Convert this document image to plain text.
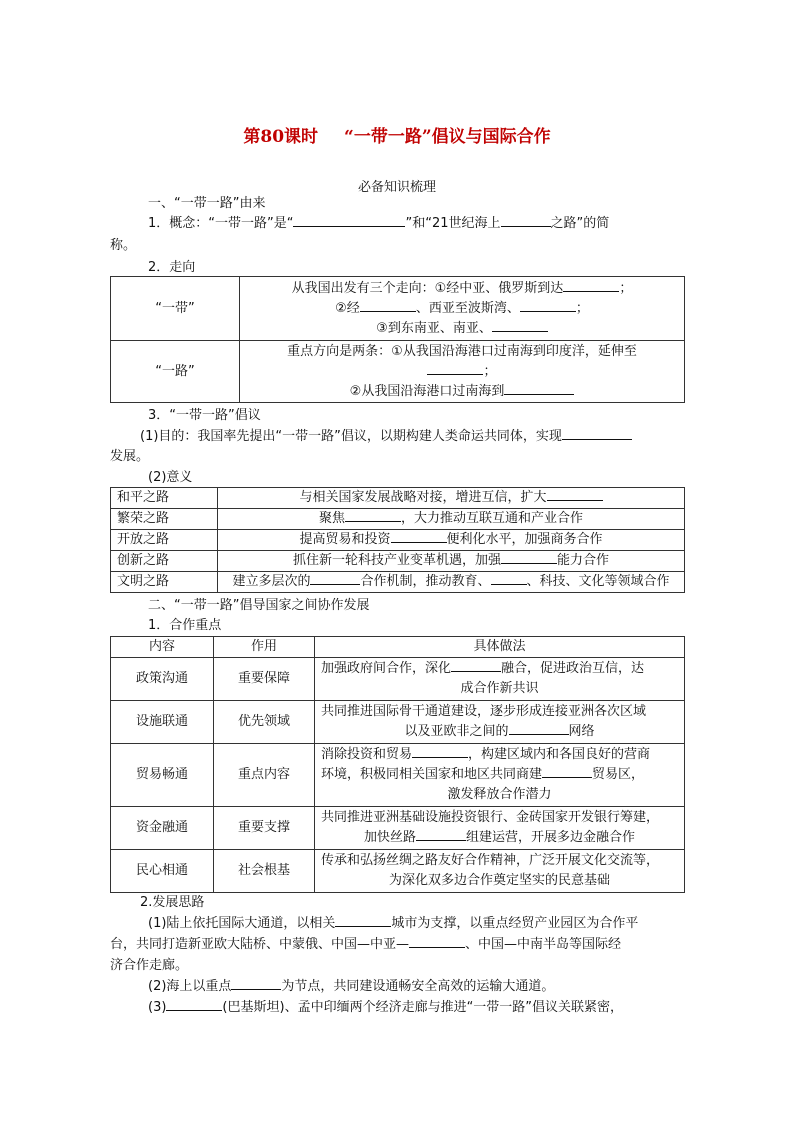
第80课时 “一带一路”倡议与国际合作
必备知识梳理
一、“一带一路”由来
1．概念：“一带一路”是“	”和“21世纪海上	之路”的简
称。
2．走向
“一带”	从我国出发有三个走向：①经中亚、俄罗斯到达 ；
②经 、西亚至波斯湾、 ；
③到东南亚、南亚、

“一路”	重点方向是两条：①从我国沿海港口过南海到印度洋，延伸至
；
②从我国沿海港口过南海到
3．“一带一路”倡议
(1)目的：我国率先提出“一带一路”倡议，以期构建人类命运共同体，实现
发展。
(2)意义
和平之路	与相关国家发展战略对接，增进互信，扩大
繁荣之路	聚焦 ，大力推动互联互通和产业合作
开放之路	提高贸易和投资 便利化水平，加强商务合作
创新之路	抓住新一轮科技产业变革机遇，加强 能力合作
文明之路	建立多层次的 合作机制，推动教育、 、科技、文化等领域合作
二、“一带一路”倡导国家之间协作发展
1．合作重点
内容	作用	具体做法
政策沟通	重要保障	加强政府间合作，深化 融合，促进政治互信，达
成合作新共识

设施联通	优先领域	共同推进国际骨干通道建设，逐步形成连接亚洲各次区域
以及亚欧非之间的 网络

贸易畅通	重点内容	消除投资和贸易 ，构建区域内和各国良好的营商
环境，积极同相关国家和地区共同商建 贸易区，
激发释放合作潜力

资金融通	重要支撑	共同推进亚洲基础设施投资银行、金砖国家开发银行筹建，
加快丝路 组建运营，开展多边金融合作

民心相通	社会根基	传承和弘扬丝绸之路友好合作精神，广泛开展文化交流等，
为深化双多边合作奠定坚实的民意基础
2.发展思路
(1)陆上依托国际大通道，以相关	城市为支撑，以重点经贸产业园区为合作平
台，共同打造新亚欧大陆桥、中蒙俄、中国—中亚—	、中国—中南半岛等国际经
济合作走廊。
(2)海上以重点	为节点，共同建设通畅安全高效的运输大通道。
(3)	(巴基斯坦)、孟中印缅两个经济走廊与推进“一带一路”倡议关联紧密，
